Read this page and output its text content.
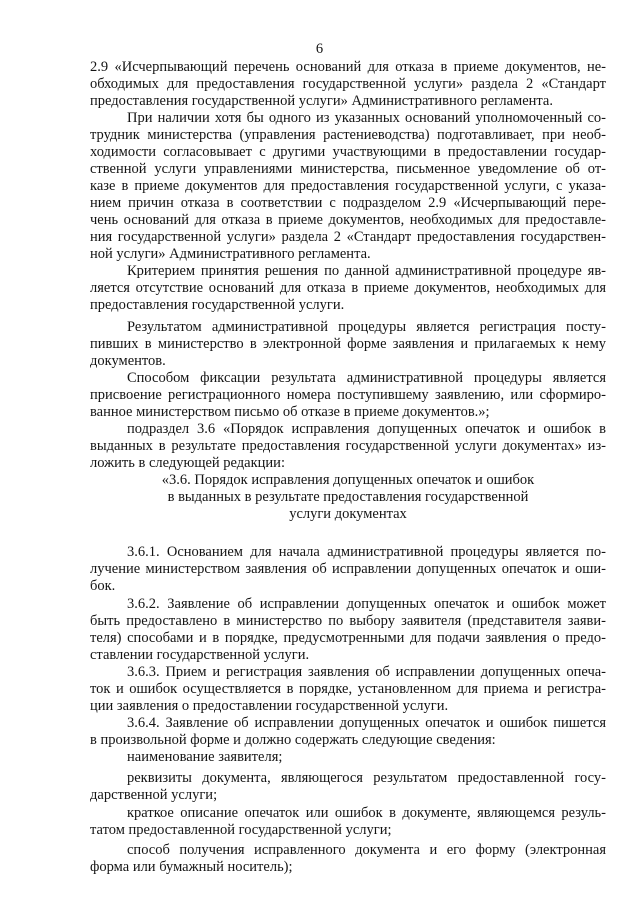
6
2.9 «Исчерпывающий перечень оснований для отказа в приеме документов, не-
обходимых для предоставления государственной услуги» раздела 2 «Стандарт
предоставления государственной услуги» Административного регламента.
При наличии хотя бы одного из указанных оснований уполномоченный со-
трудник министерства (управления растениеводства) подготавливает, при необ-
ходимости согласовывает с другими участвующими в предоставлении государ-
ственной услуги управлениями министерства, письменное уведомление об от-
казе в приеме документов для предоставления государственной услуги, с указа-
нием причин отказа в соответствии с подразделом 2.9 «Исчерпывающий пере-
чень оснований для отказа в приеме документов, необходимых для предоставле-
ния государственной услуги» раздела 2 «Стандарт предоставления государствен-
ной услуги» Административного регламента.
Критерием принятия решения по данной административной процедуре яв-
ляется отсутствие оснований для отказа в приеме документов, необходимых для
предоставления государственной услуги.
Результатом административной процедуры является регистрация посту-
пивших в министерство в электронной форме заявления и прилагаемых к нему
документов.
Способом фиксации результата административной процедуры является
присвоение регистрационного номера поступившему заявлению, или сформиро-
ванное министерством письмо об отказе в приеме документов.»;
подраздел 3.6 «Порядок исправления допущенных опечаток и ошибок в
выданных в результате предоставления государственной услуги документах» из-
ложить в следующей редакции:
«3.6. Порядок исправления допущенных опечаток и ошибок
в выданных в результате предоставления государственной
услуги документах
3.6.1. Основанием для начала административной процедуры является по-
лучение министерством заявления об исправлении допущенных опечаток и оши-
бок.
3.6.2. Заявление об исправлении допущенных опечаток и ошибок может
быть предоставлено в министерство по выбору заявителя (представителя заяви-
теля) способами и в порядке, предусмотренными для подачи заявления о предо-
ставлении государственной услуги.
3.6.3. Прием и регистрация заявления об исправлении допущенных опеча-
ток и ошибок осуществляется в порядке, установленном для приема и регистра-
ции заявления о предоставлении государственной услуги.
3.6.4. Заявление об исправлении допущенных опечаток и ошибок пишется
в произвольной форме и должно содержать следующие сведения:
наименование заявителя;
реквизиты документа, являющегося результатом предоставленной госу-
дарственной услуги;
краткое описание опечаток или ошибок в документе, являющемся резуль-
татом предоставленной государственной услуги;
способ получения исправленного документа и его форму (электронная
форма или бумажный носитель);
